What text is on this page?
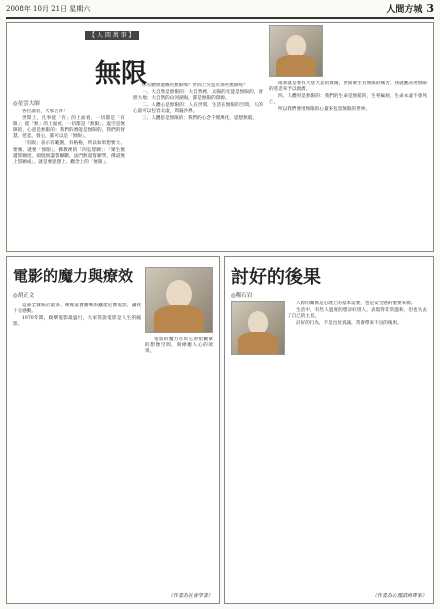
2008年 10月 21日 星期六	人間方城 3
【 人 間 萬 事 】
無限
◎星雲大師

各位讀者，大家吉祥！

世間上，凡事從「有」的上面看，一切都是「有限」；從「無」的上面看，一切都是「無限」。虛空是無限的，心意是無限的；我們的潛能是無限的，我們的智慧、慈悲、發心，都可以是「無限」。

「有限」表示有範圍，有格格，所以如果想要大、要廣、就要「無限」。佛教裡的「四弘誓願」：「眾生無邊誓願度，煩惱無盡誓願斷，法門無量誓願學，佛道無上誓願成」，就是要思想上、觀念上的「無限」。

你有體會過哪些無限嗎？世間上究竟有那些無限呢？

一、大自然是無限的：大自然裡，太陽的光能是無限的，普照大地；大自然的山河湖海，都是無限的資源。

二、人體心是無限的：人在世間，生活在無限的空間，人的心量可以包容太虛，周遍沙界。

三、人體思是無限的：我們的心念千變萬化，思想無窮。

接著就是要有大慈大悲的實踐，世間眾生有無限的痛苦；我就應該用無限的慈悲來予以救濟。

四、人體用是無限的：我們的生命是無窮的，生死輪迴，生命永遠不會死亡。

所以我們要用無限的心量來包容無限的世界。

電影的魔力與療效
◎胡正文

這部全球統計最多、衛視還會播映的鐵達尼號電影，讓我十分感動。

1970年間，娛樂電影最盛行，大家常說電影是人生的縮影。

電影的魔力在於它帶給觀眾的想像空間，與療癒人心的效果。

（作者為社會學者）
討好的後果
◎鄭石岩

人際的關係是心理上的基本需要，也是安全感的重要來源。

生活中，有些人過度的想討好別人，表現得非常溫和，但也失去了自己的主見。

討好的行為，不是出於真誠，常會帶來不良的後果。

（作者為心理諮商專家）
